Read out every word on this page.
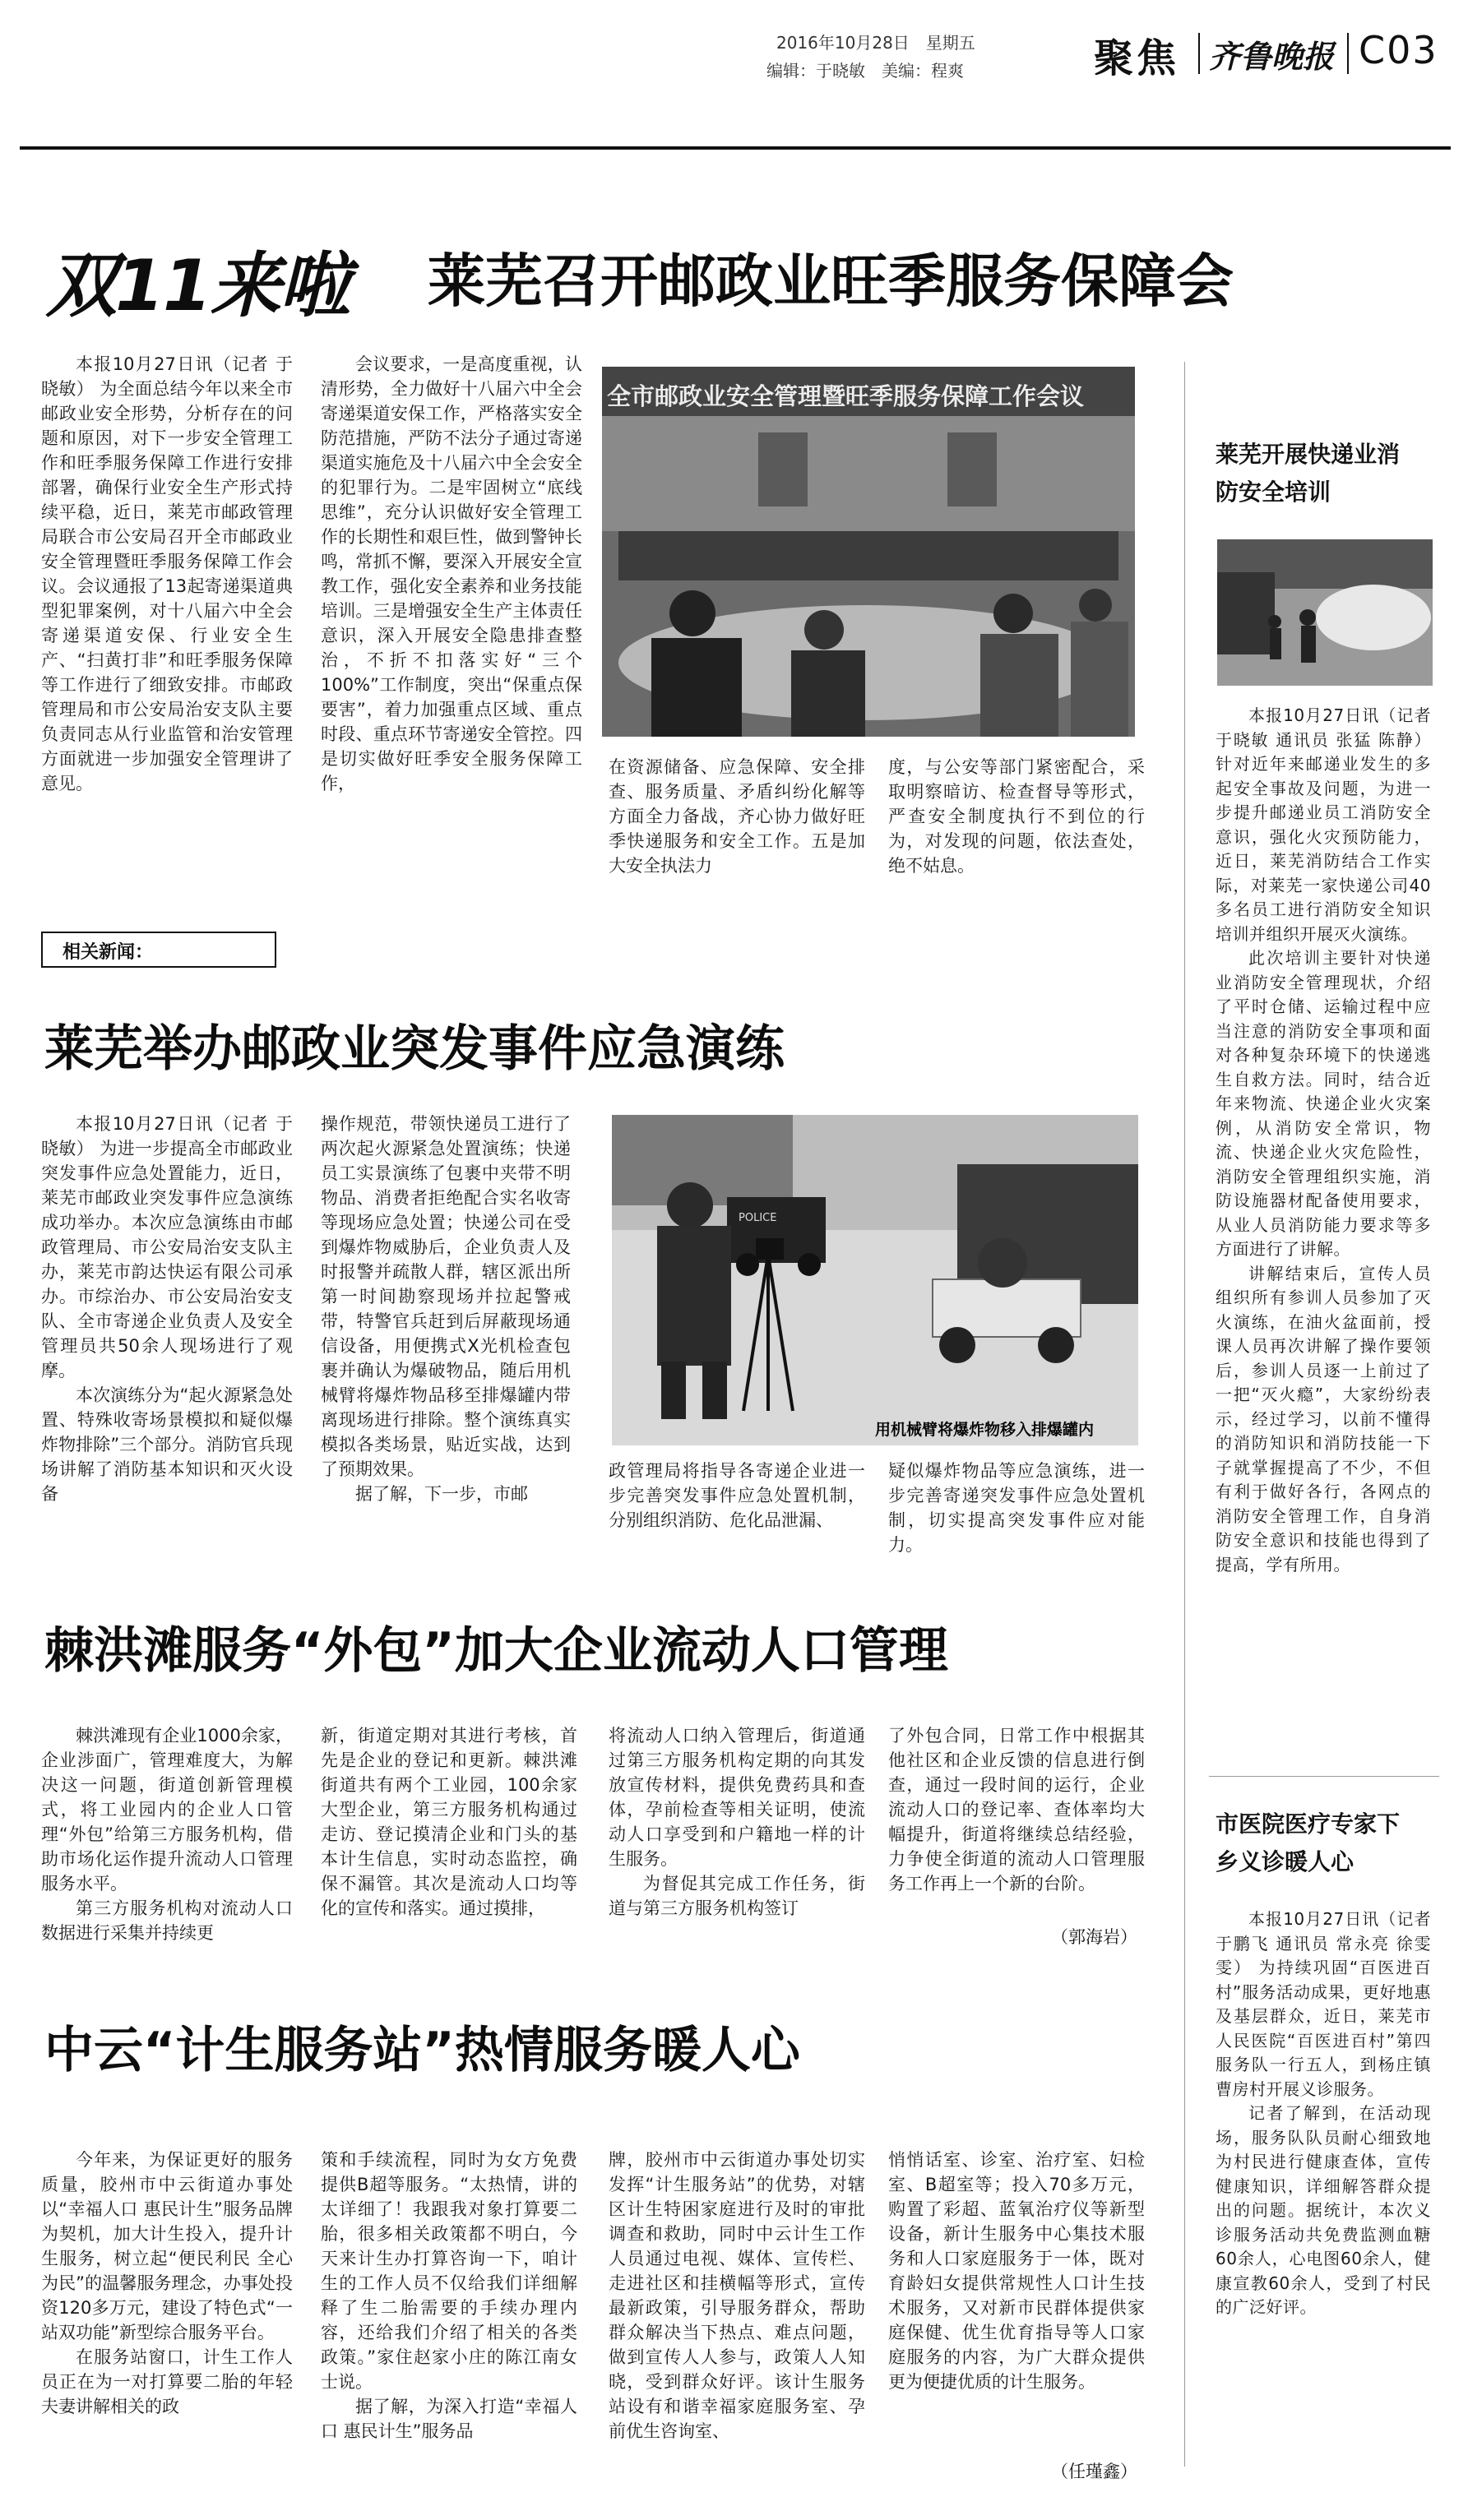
2016年10月28日　星期五
编辑：于晓敏　美编：程爽	聚焦 齐鲁晚报 C03
双11来啦 莱芜召开邮政业旺季服务保障会

本报10月27日讯（记者 于晓敏） 为全面总结今年以来全市邮政业安全形势，分析存在的问题和原因，对下一步安全管理工作和旺季服务保障工作进行安排部署，确保行业安全生产形式持续平稳，近日，莱芜市邮政管理局联合市公安局召开全市邮政业安全管理暨旺季服务保障工作会议。会议通报了13起寄递渠道典型犯罪案例，对十八届六中全会寄递渠道安保、行业安全生产、“扫黄打非”和旺季服务保障等工作进行了细致安排。市邮政管理局和市公安局治安支队主要负责同志从行业监管和治安管理方面就进一步加强安全管理讲了意见。

会议要求，一是高度重视，认清形势，全力做好十八届六中全会寄递渠道安保工作，严格落实安全防范措施，严防不法分子通过寄递渠道实施危及十八届六中全会安全的犯罪行为。二是牢固树立“底线思维”，充分认识做好安全管理工作的长期性和艰巨性，做到警钟长鸣，常抓不懈，要深入开展安全宣教工作，强化安全素养和业务技能培训。三是增强安全生产主体责任意识，深入开展安全隐患排查整治，不折不扣落实好“三个100%”工作制度，突出“保重点保要害”，着力加强重点区域、重点时段、重点环节寄递安全管控。四是切实做好旺季安全服务保障工作，

全市邮政业安全管理暨旺季服务保障工作会议

在资源储备、应急保障、安全排查、服务质量、矛盾纠纷化解等方面全力备战，齐心协力做好旺季快递服务和安全工作。五是加大安全执法力

度，与公安等部门紧密配合，采取明察暗访、检查督导等形式，严查安全制度执行不到位的行为，对发现的问题，依法查处，绝不姑息。

相关新闻：
莱芜举办邮政业突发事件应急演练

本报10月27日讯（记者 于晓敏） 为进一步提高全市邮政业突发事件应急处置能力，近日，莱芜市邮政业突发事件应急演练成功举办。本次应急演练由市邮政管理局、市公安局治安支队主办，莱芜市韵达快运有限公司承办。市综治办、市公安局治安支队、全市寄递企业负责人及安全管理员共50余人现场进行了观摩。

本次演练分为“起火源紧急处置、特殊收寄场景模拟和疑似爆炸物排除”三个部分。消防官兵现场讲解了消防基本知识和灭火设备

操作规范，带领快递员工进行了两次起火源紧急处置演练；快递员工实景演练了包裹中夹带不明物品、消费者拒绝配合实名收寄等现场应急处置；快递公司在受到爆炸物威胁后，企业负责人及时报警并疏散人群，辖区派出所第一时间勘察现场并拉起警戒带，特警官兵赶到后屏蔽现场通信设备，用便携式X光机检查包裹并确认为爆破物品，随后用机械臂将爆炸物品移至排爆罐内带离现场进行排除。整个演练真实模拟各类场景，贴近实战，达到了预期效果。

据了解，下一步，市邮

POLICE
用机械臂将爆炸物移入排爆罐内

政管理局将指导各寄递企业进一步完善突发事件应急处置机制，分别组织消防、危化品泄漏、

疑似爆炸物品等应急演练，进一步完善寄递突发事件应急处置机制，切实提高突发事件应对能力。

棘洪滩服务“外包”加大企业流动人口管理

棘洪滩现有企业1000余家，企业涉面广，管理难度大，为解决这一问题，街道创新管理模式，将工业园内的企业人口管理“外包”给第三方服务机构，借助市场化运作提升流动人口管理服务水平。

第三方服务机构对流动人口数据进行采集并持续更

新，街道定期对其进行考核，首先是企业的登记和更新。棘洪滩街道共有两个工业园，100余家大型企业，第三方服务机构通过走访、登记摸清企业和门头的基本计生信息，实时动态监控，确保不漏管。其次是流动人口均等化的宣传和落实。通过摸排，

将流动人口纳入管理后，街道通过第三方服务机构定期的向其发放宣传材料，提供免费药具和查体，孕前检查等相关证明，使流动人口享受到和户籍地一样的计生服务。

为督促其完成工作任务，街道与第三方服务机构签订

了外包合同，日常工作中根据其他社区和企业反馈的信息进行倒查，通过一段时间的运行，企业流动人口的登记率、查体率均大幅提升，街道将继续总结经验，力争使全街道的流动人口管理服务工作再上一个新的台阶。

（郭海岩）
中云“计生服务站”热情服务暖人心

今年来，为保证更好的服务质量，胶州市中云街道办事处以“幸福人口 惠民计生”服务品牌为契机，加大计生投入，提升计生服务，树立起“便民利民 全心为民”的温馨服务理念，办事处投资120多万元，建设了特色式“一站双功能”新型综合服务平台。

在服务站窗口，计生工作人员正在为一对打算要二胎的年轻夫妻讲解相关的政

策和手续流程，同时为女方免费提供B超等服务。“太热情，讲的太详细了！我跟我对象打算要二胎，很多相关政策都不明白，今天来计生办打算咨询一下，咱计生的工作人员不仅给我们详细解释了生二胎需要的手续办理内容，还给我们介绍了相关的各类政策。”家住赵家小庄的陈江南女士说。

据了解，为深入打造“幸福人口 惠民计生”服务品

牌，胶州市中云街道办事处切实发挥“计生服务站”的优势，对辖区计生特困家庭进行及时的审批调查和救助，同时中云计生工作人员通过电视、媒体、宣传栏、走进社区和挂横幅等形式，宣传最新政策，引导服务群众，帮助群众解决当下热点、难点问题，做到宣传人人参与，政策人人知晓，受到群众好评。该计生服务站设有和谐幸福家庭服务室、孕前优生咨询室、

悄悄话室、诊室、治疗室、妇检室、B超室等；投入70多万元，购置了彩超、蓝氧治疗仪等新型设备，新计生服务中心集技术服务和人口家庭服务于一体，既对育龄妇女提供常规性人口计生技术服务，又对新市民群体提供家庭保健、优生优育指导等人口家庭服务的内容，为广大群众提供更为便捷优质的计生服务。

（任瑾鑫）
莱芜开展快递业消防安全培训

本报10月27日讯（记者 于晓敏 通讯员 张猛 陈静） 针对近年来邮递业发生的多起安全事故及问题，为进一步提升邮递业员工消防安全意识，强化火灾预防能力，近日，莱芜消防结合工作实际，对莱芜一家快递公司40多名员工进行消防安全知识培训并组织开展灭火演练。

此次培训主要针对快递业消防安全管理现状，介绍了平时仓储、运输过程中应当注意的消防安全事项和面对各种复杂环境下的快递逃生自救方法。同时，结合近年来物流、快递企业火灾案例，从消防安全常识，物流、快递企业火灾危险性，消防安全管理组织实施，消防设施器材配备使用要求，从业人员消防能力要求等多方面进行了讲解。

讲解结束后，宣传人员组织所有参训人员参加了灭火演练，在油火盆面前，授课人员再次讲解了操作要领后，参训人员逐一上前过了一把“灭火瘾”，大家纷纷表示，经过学习，以前不懂得的消防知识和消防技能一下子就掌握提高了不少，不但有利于做好各行，各网点的消防安全管理工作，自身消防安全意识和技能也得到了提高，学有所用。

市医院医疗专家下乡义诊暖人心

本报10月27日讯（记者 于鹏飞 通讯员 常永亮 徐雯雯） 为持续巩固“百医进百村”服务活动成果，更好地惠及基层群众，近日，莱芜市人民医院“百医进百村”第四服务队一行五人，到杨庄镇曹房村开展义诊服务。

记者了解到，在活动现场，服务队队员耐心细致地为村民进行健康查体，宣传健康知识，详细解答群众提出的问题。据统计，本次义诊服务活动共免费监测血糖60余人，心电图60余人，健康宣教60余人，受到了村民的广泛好评。
